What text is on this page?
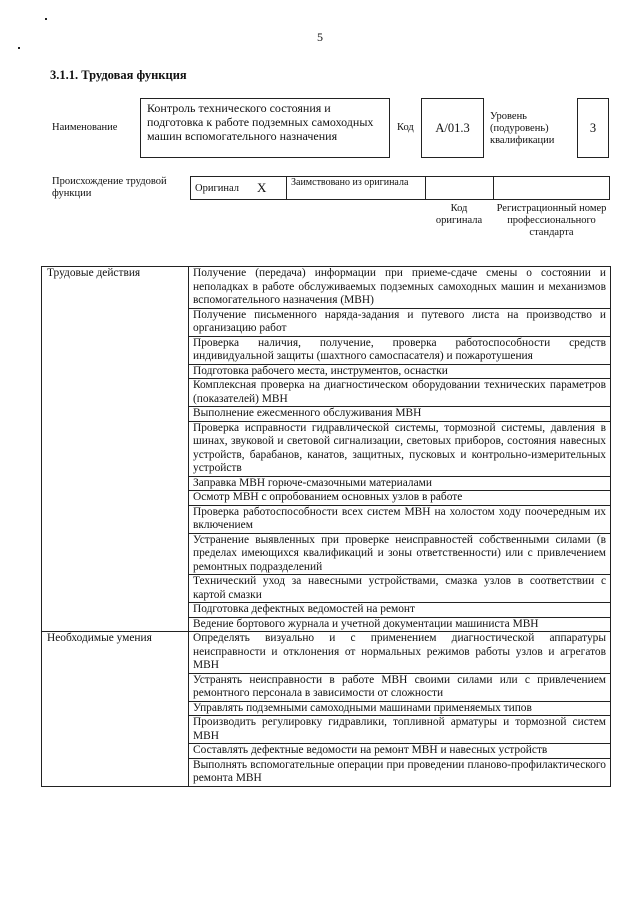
5
3.1.1. Трудовая функция
Наименование
Контроль технического состояния и подготовка к работе подземных самоходных машин вспомогательного назначения
Код А/01.3
Уровень (подуровень) квалификации
3
Происхождение трудовой функции	Оригинал X Заимствовано из оригинала
Код оригинала
Регистрационный номер профессионального стандарта
Трудовые действия	Получение (передача) информации при приеме-сдаче смены о состоянии и неполадках в работе обслуживаемых подземных самоходных машин и механизмов вспомогательного назначения (МВН)
	Получение письменного наряда-задания и путевого листа на производство и организацию работ
	Проверка наличия, получение, проверка работоспособности средств индивидуальной защиты (шахтного самоспасателя) и пожаротушения
	Подготовка рабочего места, инструментов, оснастки
	Комплексная проверка на диагностическом оборудовании технических параметров (показателей) МВН
	Выполнение ежесменного обслуживания МВН
	Проверка исправности гидравлической системы, тормозной системы, давления в шинах, звуковой и световой сигнализации, световых приборов, состояния навесных устройств, барабанов, канатов, защитных, пусковых и контрольно-измерительных устройств
	Заправка МВН горюче-смазочными материалами
	Осмотр МВН с опробованием основных узлов в работе
	Проверка работоспособности всех систем МВН на холостом ходу поочередным их включением
	Устранение выявленных при проверке неисправностей собственными силами (в пределах имеющихся квалификаций и зоны ответственности) или с привлечением ремонтных подразделений
	Технический уход за навесными устройствами, смазка узлов в соответствии с картой смазки
	Подготовка дефектных ведомостей на ремонт
	Ведение бортового журнала и учетной документации машиниста МВН
Необходимые умения	Определять визуально и с применением диагностической аппаратуры неисправности и отклонения от нормальных режимов работы узлов и агрегатов МВН
	Устранять неисправности в работе МВН своими силами или с привлечением ремонтного персонала в зависимости от сложности
	Управлять подземными самоходными машинами применяемых типов
	Производить регулировку гидравлики, топливной арматуры и тормозной систем МВН
	Составлять дефектные ведомости на ремонт МВН и навесных устройств
	Выполнять вспомогательные операции при проведении планово-профилактического ремонта МВН
